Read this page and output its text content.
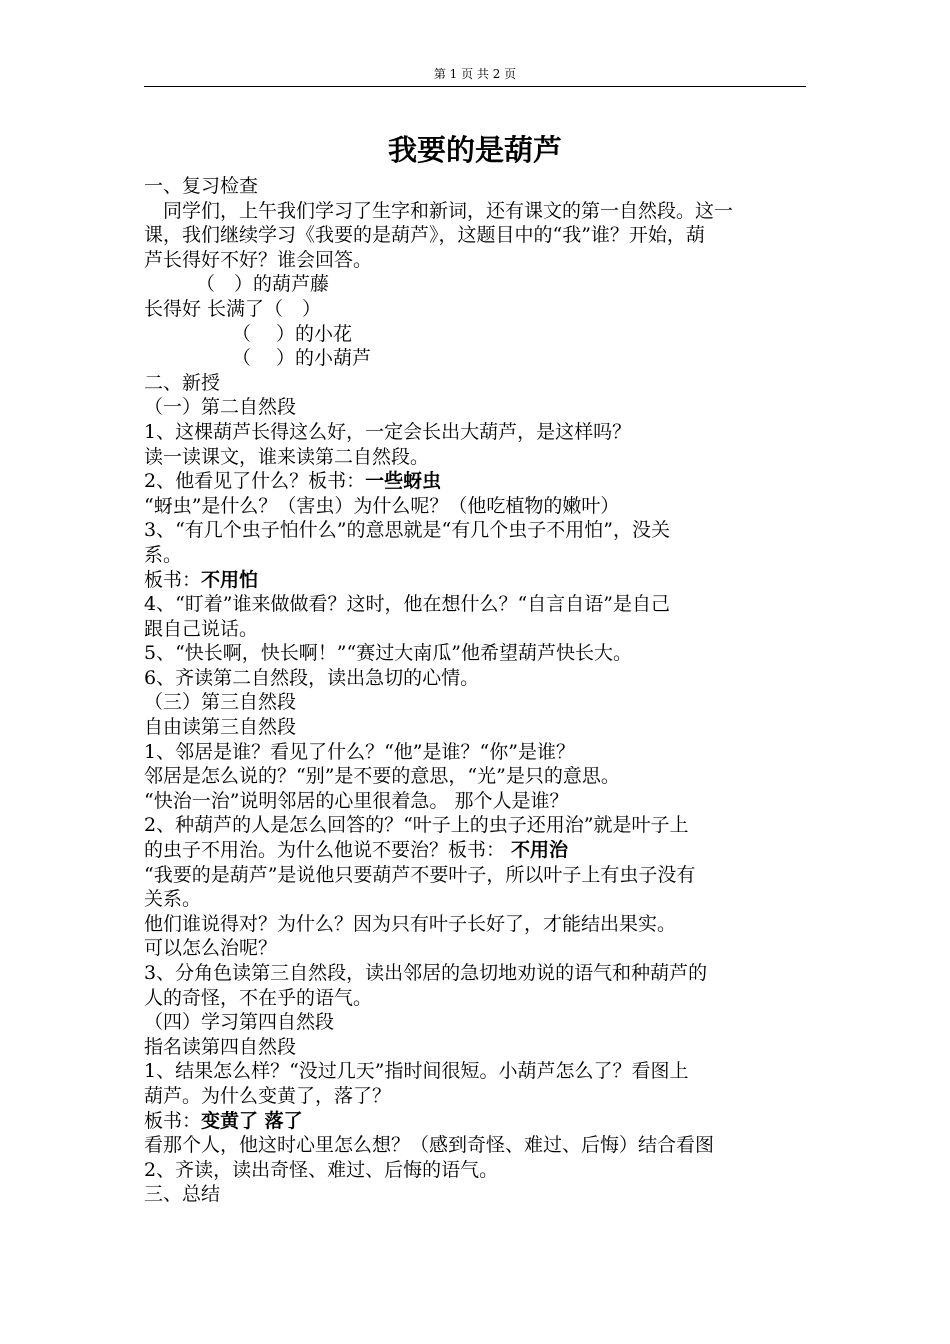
第 1 页 共 2 页
我要的是葫芦
一、复习检查
　同学们，上午我们学习了生字和新词，还有课文的第一自然段。这一
课，我们继续学习《我要的是葫芦》，这题目中的“我”谁？开始，葫
芦长得好不好？谁会回答。
（　）的葫芦藤
长得好 长满了（　）
（　 ）的小花
（　 ）的小葫芦
二、新授
（一）第二自然段
1、这棵葫芦长得这么好，一定会长出大葫芦，是这样吗？
读一读课文，谁来读第二自然段。
2、他看见了什么？板书：一些蚜虫
“蚜虫”是什么？（害虫）为什么呢？（他吃植物的嫩叶）
3、“有几个虫子怕什么”的意思就是“有几个虫子不用怕”，没关
系。
板书：不用怕
4、“盯着”谁来做做看？这时，他在想什么？“自言自语”是自己
跟自己说话。
5、“快长啊，快长啊！”“赛过大南瓜”他希望葫芦快长大。
6、齐读第二自然段，读出急切的心情。
（三）第三自然段
自由读第三自然段
1、邻居是谁？看见了什么？“他”是谁？“你”是谁？
邻居是怎么说的？“别”是不要的意思，“光”是只的意思。
“快治一治”说明邻居的心里很着急。 那个人是谁？
2、种葫芦的人是怎么回答的？“叶子上的虫子还用治”就是叶子上
的虫子不用治。为什么他说不要治？板书： 不用治
“我要的是葫芦”是说他只要葫芦不要叶子，所以叶子上有虫子没有
关系。
他们谁说得对？为什么？因为只有叶子长好了，才能结出果实。
可以怎么治呢？
3、分角色读第三自然段，读出邻居的急切地劝说的语气和种葫芦的
人的奇怪，不在乎的语气。
（四）学习第四自然段
指名读第四自然段
1、结果怎么样？“没过几天”指时间很短。小葫芦怎么了？看图上
葫芦。为什么变黄了，落了？
板书：变黄了 落了
看那个人，他这时心里怎么想？（感到奇怪、难过、后悔）结合看图
2、齐读，读出奇怪、难过、后悔的语气。
三、总结
